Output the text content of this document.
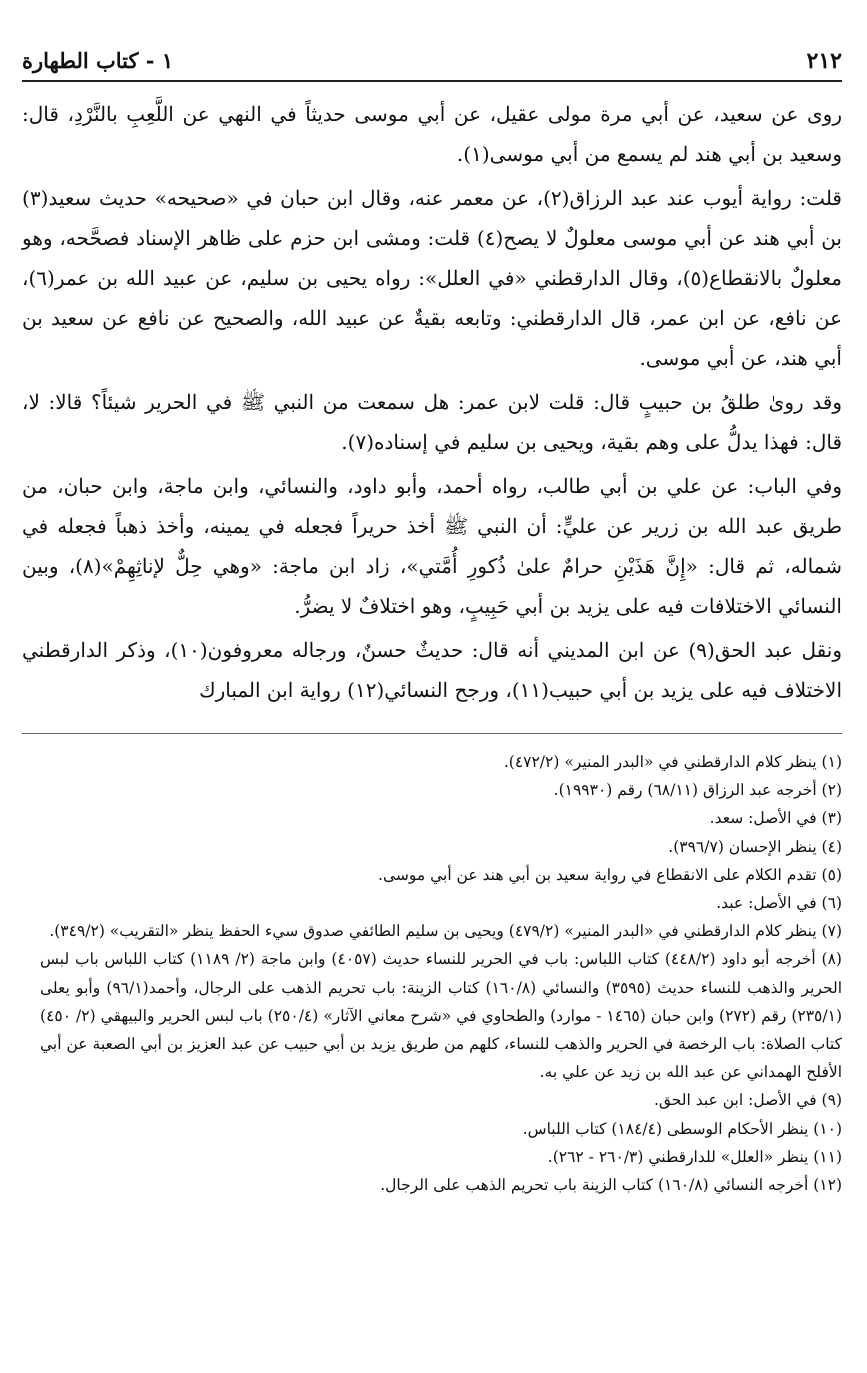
٢١٢
١ - كتاب الطهارة

روى عن سعيد، عن أبي مرة مولى عقيل، عن أبي موسى حديثاً في النهي عن اللَّعِبِ بالنَّرْدِ، قال: وسعيد بن أبي هند لم يسمع من أبي موسى(١).

قلت: رواية أيوب عند عبد الرزاق(٢)، عن معمر عنه، وقال ابن حبان في «صحيحه» حديث سعيد(٣) بن أبي هند عن أبي موسى معلولٌ لا يصح(٤) قلت: ومشى ابن حزم على ظاهر الإسناد فصحَّحه، وهو معلولٌ بالانقطاع(٥)، وقال الدارقطني «في العلل»: رواه يحيى بن سليم، عن عبيد الله بن عمر(٦)، عن نافع، عن ابن عمر، قال الدارقطني: وتابعه بقيةٌ عن عبيد الله، والصحيح عن نافع عن سعيد بن أبي هند، عن أبي موسى.

وقد روىٰ طلقُ بن حبيبٍ قال: قلت لابن عمر: هل سمعت من النبي ﷺ في الحرير شيئاً؟ قالا: لا، قال: فهذا يدلُّ على وهم بقية، ويحيى بن سليم في إسناده(٧).

وفي الباب: عن علي بن أبي طالب، رواه أحمد، وأبو داود، والنسائي، وابن ماجة، وابن حبان، من طريق عبد الله بن زرير عن عليٍّ: أن النبي ﷺ أخذ حريراً فجعله في يمينه، وأخذ ذهباً فجعله في شماله، ثم قال: «إِنَّ هَذَيْنِ حرامٌ علىٰ ذُكورِ أُمَّتي»، زاد ابن ماجة: «وهي حِلٌّ لإناثِهِمْ»(٨)، وبين النسائي الاختلافات فيه على يزيد بن أبي حَبِيبٍ، وهو اختلافٌ لا يضرُّ.

ونقل عبد الحق(٩) عن ابن المديني أنه قال: حديثٌ حسنٌ، ورجاله معروفون(١٠)، وذكر الدارقطني الاختلاف فيه على يزيد بن أبي حبيب(١١)، ورجح النسائي(١٢) رواية ابن المبارك

(١) ينظر كلام الدارقطني في «البدر المنير» (٤٧٢/٢).

(٢) أخرجه عبد الرزاق (٦٨/١١) رقم (١٩٩٣٠).

(٣) في الأصل: سعد.

(٤) ينظر الإحسان (٣٩٦/٧).

(٥) تقدم الكلام على الانقطاع في رواية سعيد بن أبي هند عن أبي موسى.

(٦) في الأصل: عبد.

(٧) ينظر كلام الدارقطني في «البدر المنير» (٤٧٩/٢) ويحيى بن سليم الطائفي صدوق سيء الحفظ ينظر «التقريب» (٣٤٩/٢).

(٨) أخرجه أبو داود (٤٤٨/٢) كتاب اللباس: باب في الحرير للنساء حديث (٤٠٥٧) وابن ماجة (٢/ ١١٨٩) كتاب اللباس باب لبس الحرير والذهب للنساء حديث (٣٥٩٥) والنسائي (١٦٠/٨) كتاب الزينة: باب تحريم الذهب على الرجال، وأحمد(٩٦/١) وأبو يعلى (٢٣٥/١) رقم (٢٧٢) وابن حبان (١٤٦٥ - موارد) والطحاوي في «شرح معاني الآثار» (٢٥٠/٤) باب لبس الحرير والبيهقي (٢/ ٤٥٠) كتاب الصلاة: باب الرخصة في الحرير والذهب للنساء، كلهم من طريق يزيد بن أبي حبيب عن عبد العزيز بن أبي الصعبة عن أبي الأفلح الهمداني عن عبد الله بن زيد عن علي به.

(٩) في الأصل: ابن عبد الحق.

(١٠) ينظر الأحكام الوسطى (١٨٤/٤) كتاب اللباس.

(١١) ينظر «العلل» للدارقطني (٢٦٠/٣ - ٢٦٢).

(١٢) أخرجه النسائي (١٦٠/٨) كتاب الزينة باب تحريم الذهب على الرجال.
